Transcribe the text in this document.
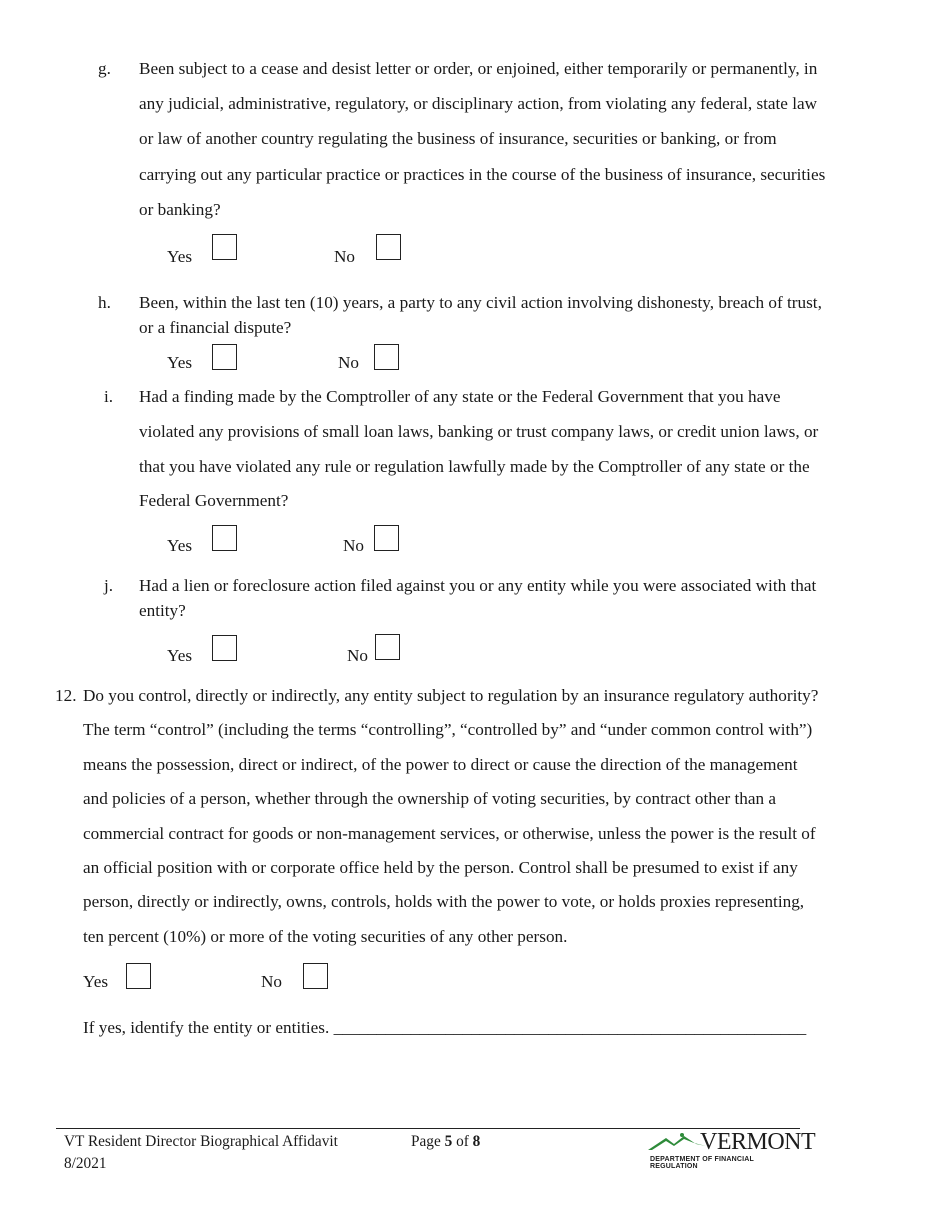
g. Been subject to a cease and desist letter or order, or enjoined, either temporarily or permanently, in
any judicial, administrative, regulatory, or disciplinary action, from violating any federal, state law
or law of another country regulating the business of insurance, securities or banking, or from
carrying out any particular practice or practices in the course of the business of insurance, securities
or banking?
Yes	No
h. Been, within the last ten (10) years, a party to any civil action involving dishonesty, breach of trust,
or a financial dispute?
Yes	No
i. Had a finding made by the Comptroller of any state or the Federal Government that you have
violated any provisions of small loan laws, banking or trust company laws, or credit union laws, or
that you have violated any rule or regulation lawfully made by the Comptroller of any state or the
Federal Government?
Yes	No
j. Had a lien or foreclosure action filed against you or any entity while you were associated with that
entity?
Yes	No
12. Do you control, directly or indirectly, any entity subject to regulation by an insurance regulatory authority?
The term “control” (including the terms “controlling”, “controlled by” and “under common control with”)
means the possession, direct or indirect, of the power to direct or cause the direction of the management
and policies of a person, whether through the ownership of voting securities, by contract other than a
commercial contract for goods or non-management services, or otherwise, unless the power is the result of
an official position with or corporate office held by the person. Control shall be presumed to exist if any
person, directly or indirectly, owns, controls, holds with the power to vote, or holds proxies representing,
ten percent (10%) or more of the voting securities of any other person.
Yes	No
If yes, identify the entity or entities. _______________________________________________________
VT Resident Director Biographical Affidavit
8/2021
Page 5 of 8	VERMONT
DEPARTMENT OF FINANCIAL REGULATION
